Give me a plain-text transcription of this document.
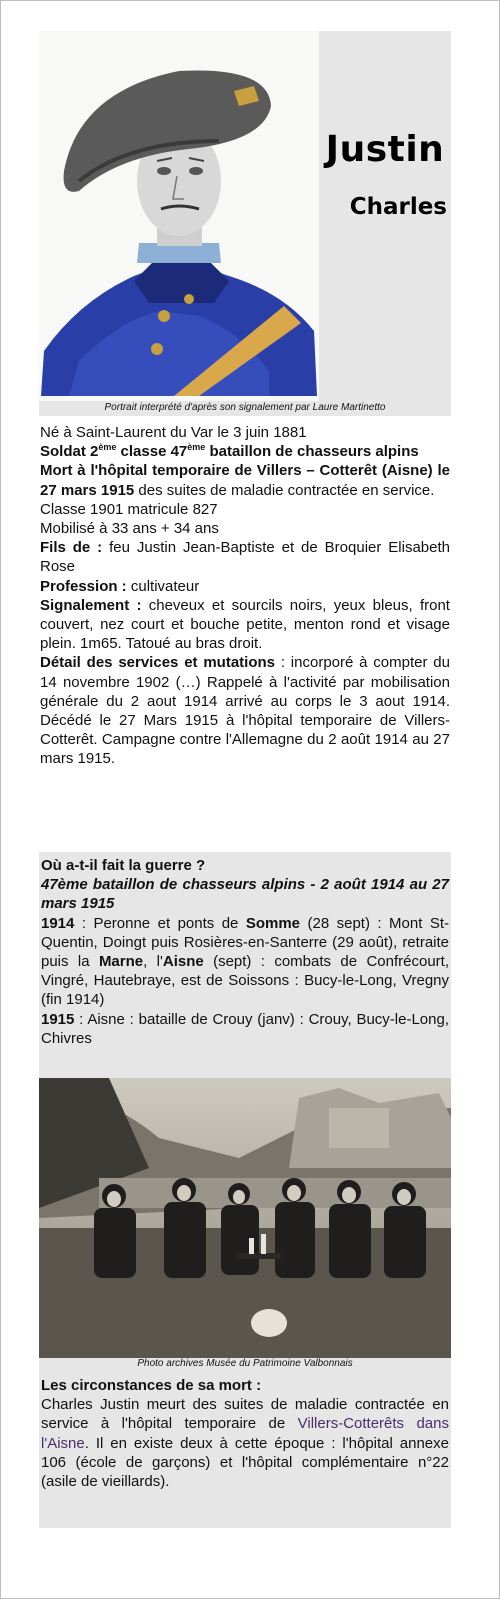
Justin
Charles
Portrait interprété d'après son signalement par Laure Martinetto

Né à Saint-Laurent du Var le 3 juin 1881

Soldat 2ème classe 47ème bataillon de chasseurs alpins

Mort à l'hôpital temporaire de Villers – Cotterêt (Aisne) le 27 mars 1915 des suites de maladie contractée en service.

Classe 1901 matricule 827

Mobilisé à 33 ans + 34 ans

Fils de : feu Justin Jean-Baptiste et de Broquier Elisabeth Rose

Profession : cultivateur

Signalement : cheveux et sourcils noirs, yeux bleus, front couvert, nez court et bouche petite, menton rond et visage plein. 1m65. Tatoué au bras droit.

Détail des services et mutations : incorporé à compter du 14 novembre 1902 (…) Rappelé à l'activité par mobilisation générale du 2 aout 1914 arrivé au corps le 3 aout 1914. Décédé le 27 Mars 1915 à l'hôpital temporaire de Villers-Cotterêt. Campagne contre l'Allemagne du 2 août 1914 au 27 mars 1915.

Où a-t-il fait la guerre ?

47ème bataillon de chasseurs alpins - 2 août 1914 au 27 mars 1915

1914 : Peronne et ponts de Somme (28 sept) : Mont St-Quentin, Doingt puis Rosières-en-Santerre (29 août), retraite puis la Marne, l'Aisne (sept) : combats de Confrécourt, Vingré, Hautebraye, est de Soissons : Bucy-le-Long, Vregny (fin 1914)

1915 : Aisne : bataille de Crouy (janv) : Crouy, Bucy-le-Long, Chivres

Photo archives Musée du Patrimoine Valbonnais

Les circonstances de sa mort :

Charles Justin meurt des suites de maladie contractée en service à l'hôpital temporaire de Villers-Cotterêts dans l'Aisne. Il en existe deux à cette époque : l'hôpital annexe 106 (école de garçons) et l'hôpital complémentaire n°22 (asile de vieillards).
